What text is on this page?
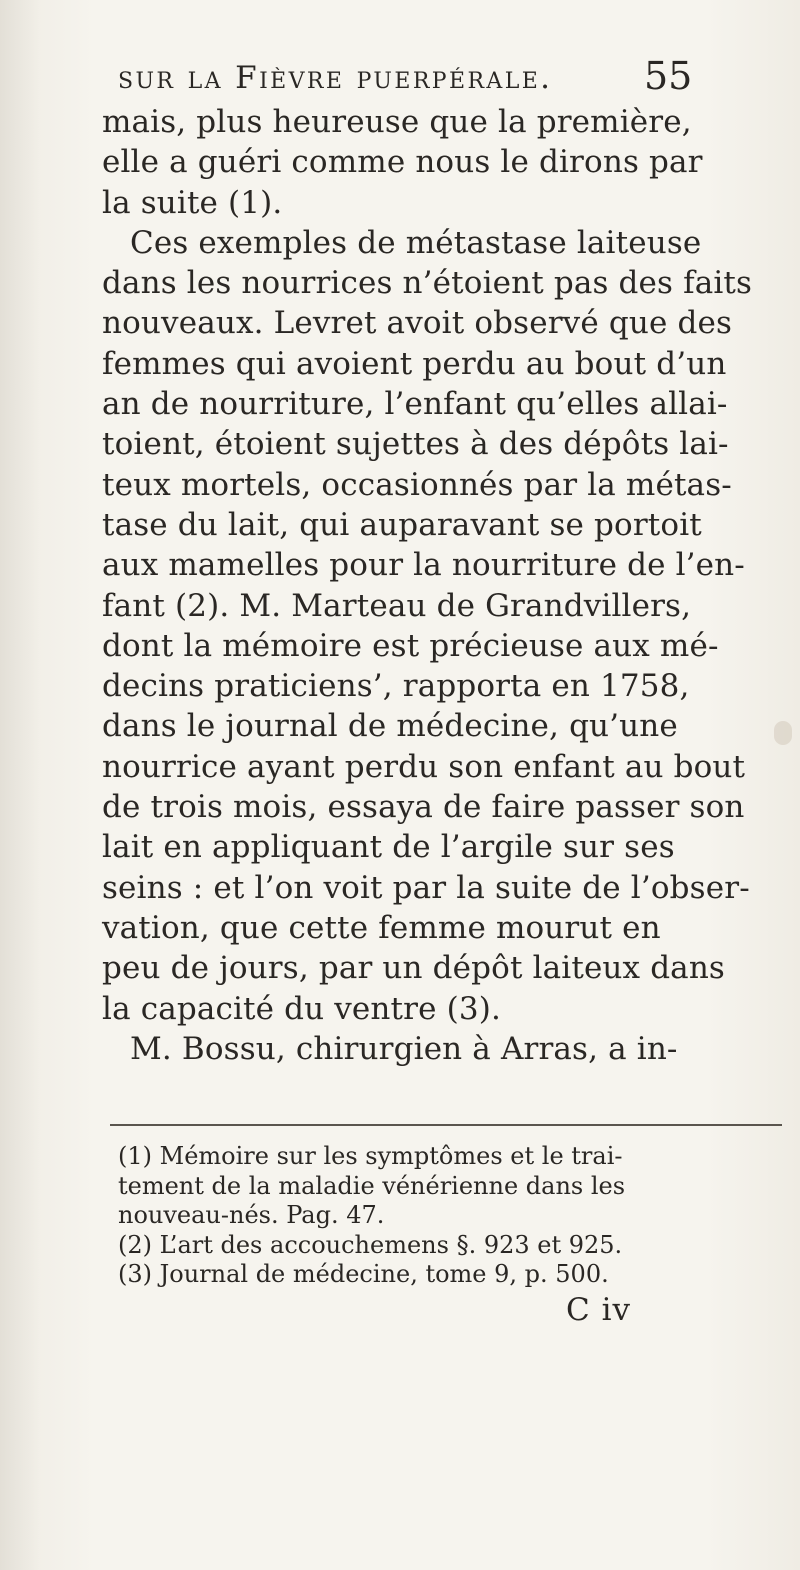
sur la Fièvre puerpérale. 55
mais, plus heureuse que la première,
elle a guéri comme nous le dirons par
la suite (1).
Ces exemples de métastase laiteuse
dans les nourrices n’étoient pas des faits
nouveaux. Levret avoit observé que des
femmes qui avoient perdu au bout d’un
an de nourriture, l’enfant qu’elles allai-
toient, étoient sujettes à des dépôts lai-
teux mortels, occasionnés par la métas-
tase du lait, qui auparavant se portoit
aux mamelles pour la nourriture de l’en-
fant (2). M. Marteau de Grandvillers,
dont la mémoire est précieuse aux mé-
decins praticiens’, rapporta en 1758,
dans le journal de médecine, qu’une
nourrice ayant perdu son enfant au bout
de trois mois, essaya de faire passer son
lait en appliquant de l’argile sur ses
seins : et l’on voit par la suite de l’obser-
vation, que cette femme mourut en
peu de jours, par un dépôt laiteux dans
la capacité du ventre (3).
M. Bossu, chirurgien à Arras, a in-
(1) Mémoire sur les symptômes et le trai-
tement de la maladie vénérienne dans les
nouveau-nés. Pag. 47.
(2) L’art des accouchemens §. 923 et 925.
(3) Journal de médecine, tome 9, p. 500.
C iv
